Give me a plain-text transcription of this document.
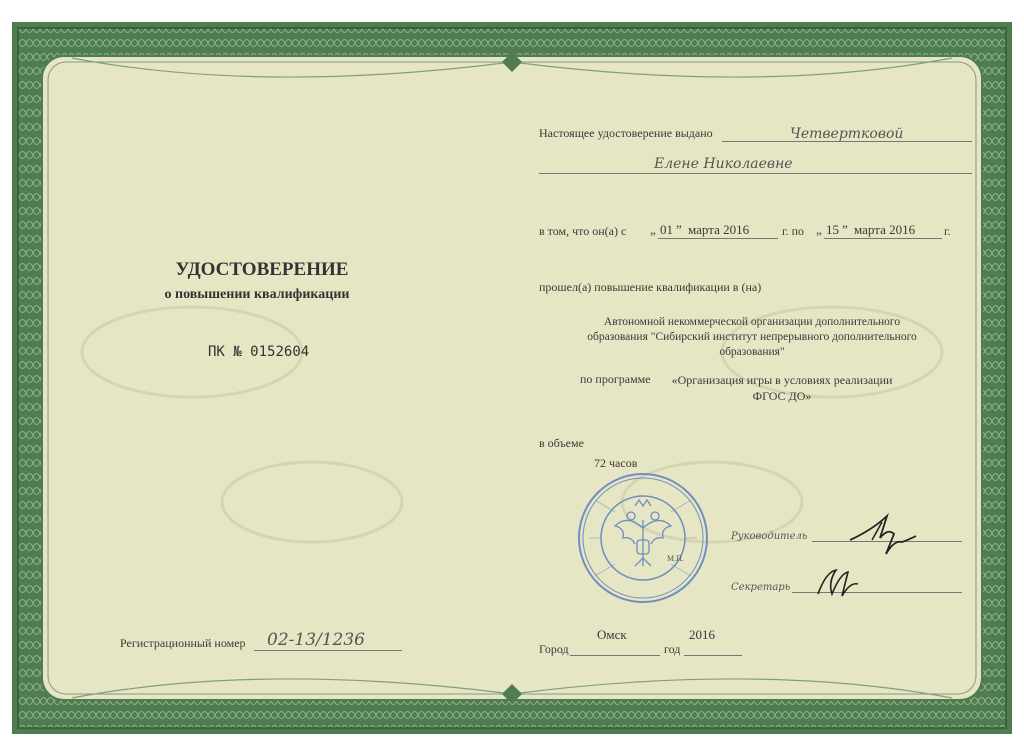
УДОСТОВЕРЕНИЕ
о повышении квалификации
ПК № 0152604
Регистрационный номер 02-13/1236
Настоящее удостоверение выдано	Четвертковой
Елене Николаевне
в том, что он(а) с „ 01 ” марта 2016	г. по „ 15 ” марта 2016 г.
прошел(а) повышение квалификации в (на)
Автономной некоммерческой организации дополнительного
образования "Сибирский институт непрерывного дополнительного
образования"
по программе	«Организация игры в условиях реализации
ФГОС ДО»
в объеме
72 часов
М.П.
Руководитель
Секретарь
Город
Омск
год
2016
